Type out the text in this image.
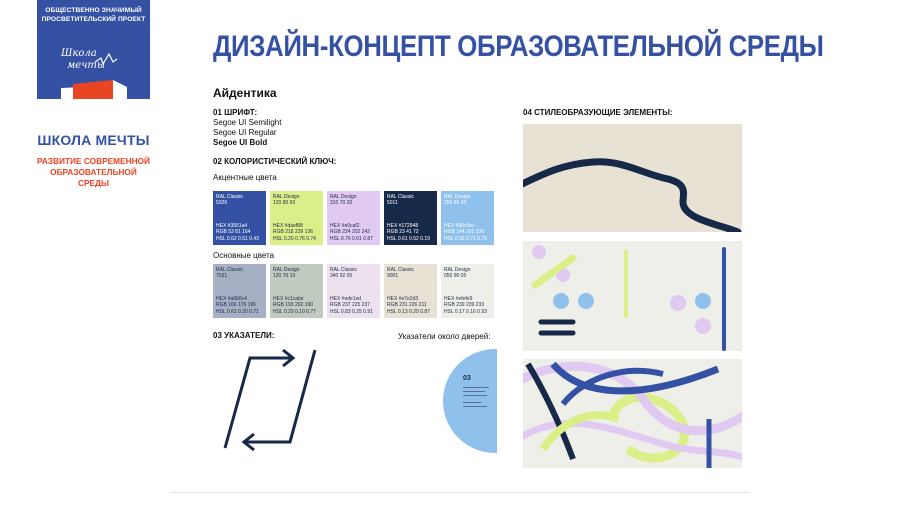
ОБЩЕСТВЕННО ЗНАЧИМЫЙ
ПРОСВЕТИТЕЛЬСКИЙ ПРОЕКТ
Школа
мечты
ШКОЛА МЕЧТЫ
РАЗВИТИЕ СОВРЕМЕННОЙ
ОБРАЗОВАТЕЛЬНОЙ СРЕДЫ
ДИЗАЙН-КОНЦЕПТ ОБРАЗОВАТЕЛЬНОЙ СРЕДЫ
Айдентика
01 ШРИФТ:
Segoe UI Semilight
Segoe UI Regular
Segoe UI Bold
02 КОЛОРИСТИЧЕСКИЙ КЛЮЧ:
Акцентные цвета
RAL Classic
5026
HEX #3551a4
RGB 53 81 164
HSL 0.62 0.51 0.43
RAL Design
120 80 50
HEX #daef88
RGB 218 239 136
HSL 0.20 0.76 0.74
RAL Design
310 70 20
HEX #e0caf2
RGB 224 202 242
HSL 0.76 0.61 0.87
RAL Classic
5011
HEX #172948
RGB 23 41 72
HSL 0.61 0.52 0.19
RAL Design
250 80 20
HEX #90c0ec
RGB 144 201 236
HSL 0.56 0.71 0.75
Основные цвета
RAL Classic
7031
HEX #a6b0c4
RGB 166 176 196
HSL 0.61 0.20 0.71
RAL Design
120 70 10
HEX #c1cabe
RGB 193 202 190
HSL 0.29 0.10 0.77
RAL Classic
340 92 05
HEX #ede1ed
RGB 237 225 237
HSL 0.83 0.25 0.91
RAL Classic
9001
HEX #e7e2d3
RGB 231 226 211
HSL 0.13 0.29 0.87
RAL Design
050 90 05
HEX #efefe9
RGB 239 239 233
HSL 0.17 0.16 0.93
03 УКАЗАТЕЛИ:	Указатели около дверей:
03
04 СТИЛЕОБРАЗУЮЩИЕ ЭЛЕМЕНТЫ:
